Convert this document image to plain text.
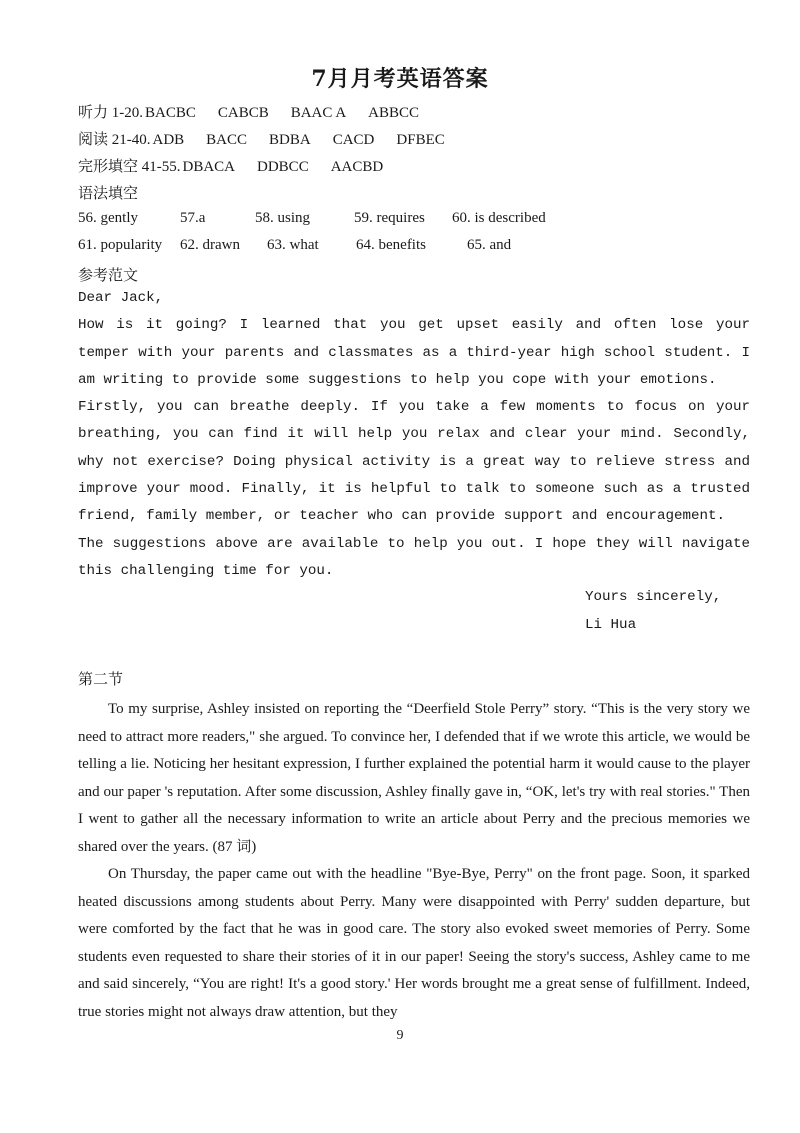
7月月考英语答案
听力 1-20. BACBC CABCB BAAC A ABBCC
阅读 21-40. ADB BACC BDBA CACD DFBEC
完形填空 41-55. DBACA DDBCC AACBD
语法填空
56. gently	57.a	58. using	59. requires 60. is described
61. popularity 62. drawn 63. what 64. benefits	65. and
参考范文

Dear Jack,

How is it going? I learned that you get upset easily and often lose your temper with your parents and classmates as a third-year high school student. I am writing to provide some suggestions to help you cope with your emotions.

Firstly, you can breathe deeply. If you take a few moments to focus on your breathing, you can find it will help you relax and clear your mind. Secondly, why not exercise? Doing physical activity is a great way to relieve stress and improve your mood. Finally, it is helpful to talk to someone such as a trusted friend, family member, or teacher who can provide support and encouragement.

The suggestions above are available to help you out. I hope they will navigate this challenging time for you.

Yours sincerely,
Li Hua
第二节

To my surprise, Ashley insisted on reporting the “Deerfield Stole Perry” story. “This is the very story we need to attract more readers," she argued. To convince her, I defended that if we wrote this article, we would be telling a lie. Noticing her hesitant expression, I further explained the potential harm it would cause to the player and our paper 's reputation. After some discussion, Ashley finally gave in, “OK, let's try with real stories." Then I went to gather all the necessary information to write an article about Perry and the precious memories we shared over the years. (87 词)

On Thursday, the paper came out with the headline "Bye-Bye, Perry" on the front page. Soon, it sparked heated discussions among students about Perry. Many were disappointed with Perry' sudden departure, but were comforted by the fact that he was in good care. The story also evoked sweet memories of Perry. Some students even requested to share their stories of it in our paper! Seeing the story's success, Ashley came to me and said sincerely, “You are right! It's a good story.' Her words brought me a great sense of fulfillment. Indeed, true stories might not always draw attention, but they

9
